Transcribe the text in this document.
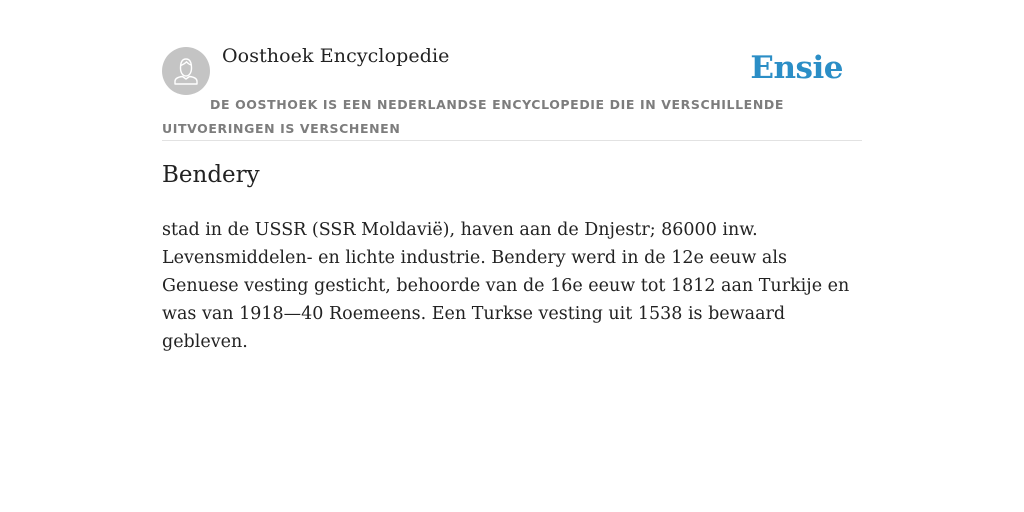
Oosthoek Encyclopedie	Ensie
DE OOSTHOEK IS EEN NEDERLANDSE ENCYCLOPEDIE DIE IN VERSCHILLENDE UITVOERINGEN IS VERSCHENEN
Bendery

stad in de USSR (SSR Moldavië), haven aan de Dnjestr; 86000 inw. Levensmiddelen- en lichte industrie. Bendery werd in de 12e eeuw als Genuese vesting gesticht, behoorde van de 16e eeuw tot 1812 aan Turkije en was van 1918—40 Roemeens. Een Turkse vesting uit 1538 is bewaard gebleven.
